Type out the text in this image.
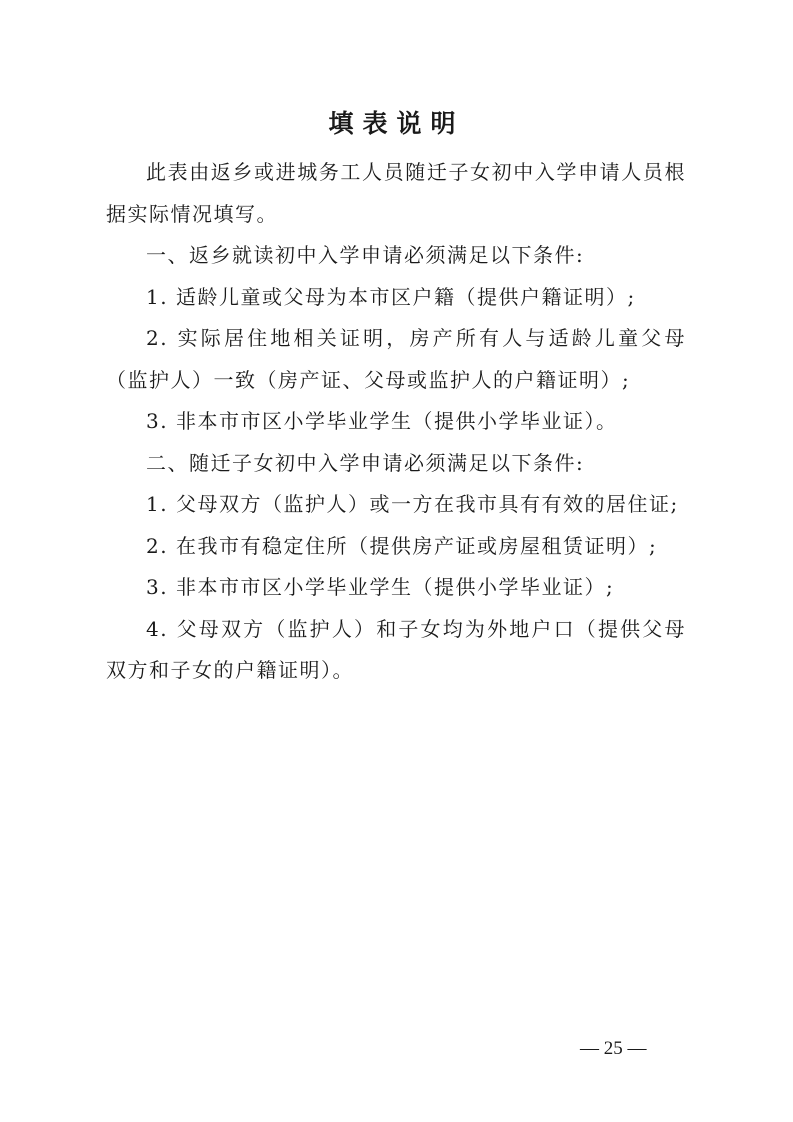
填表说明

此表由返乡或进城务工人员随迁子女初中入学申请人员根据实际情况填写。

一、返乡就读初中入学申请必须满足以下条件:

1. 适龄儿童或父母为本市区户籍（提供户籍证明）;

2. 实际居住地相关证明，房产所有人与适龄儿童父母（监护人）一致（房产证、父母或监护人的户籍证明）;

3. 非本市市区小学毕业学生（提供小学毕业证）。

二、随迁子女初中入学申请必须满足以下条件:

1. 父母双方（监护人）或一方在我市具有有效的居住证;

2. 在我市有稳定住所（提供房产证或房屋租赁证明）;

3. 非本市市区小学毕业学生（提供小学毕业证）;

4. 父母双方（监护人）和子女均为外地户口（提供父母双方和子女的户籍证明）。

— 25 —
